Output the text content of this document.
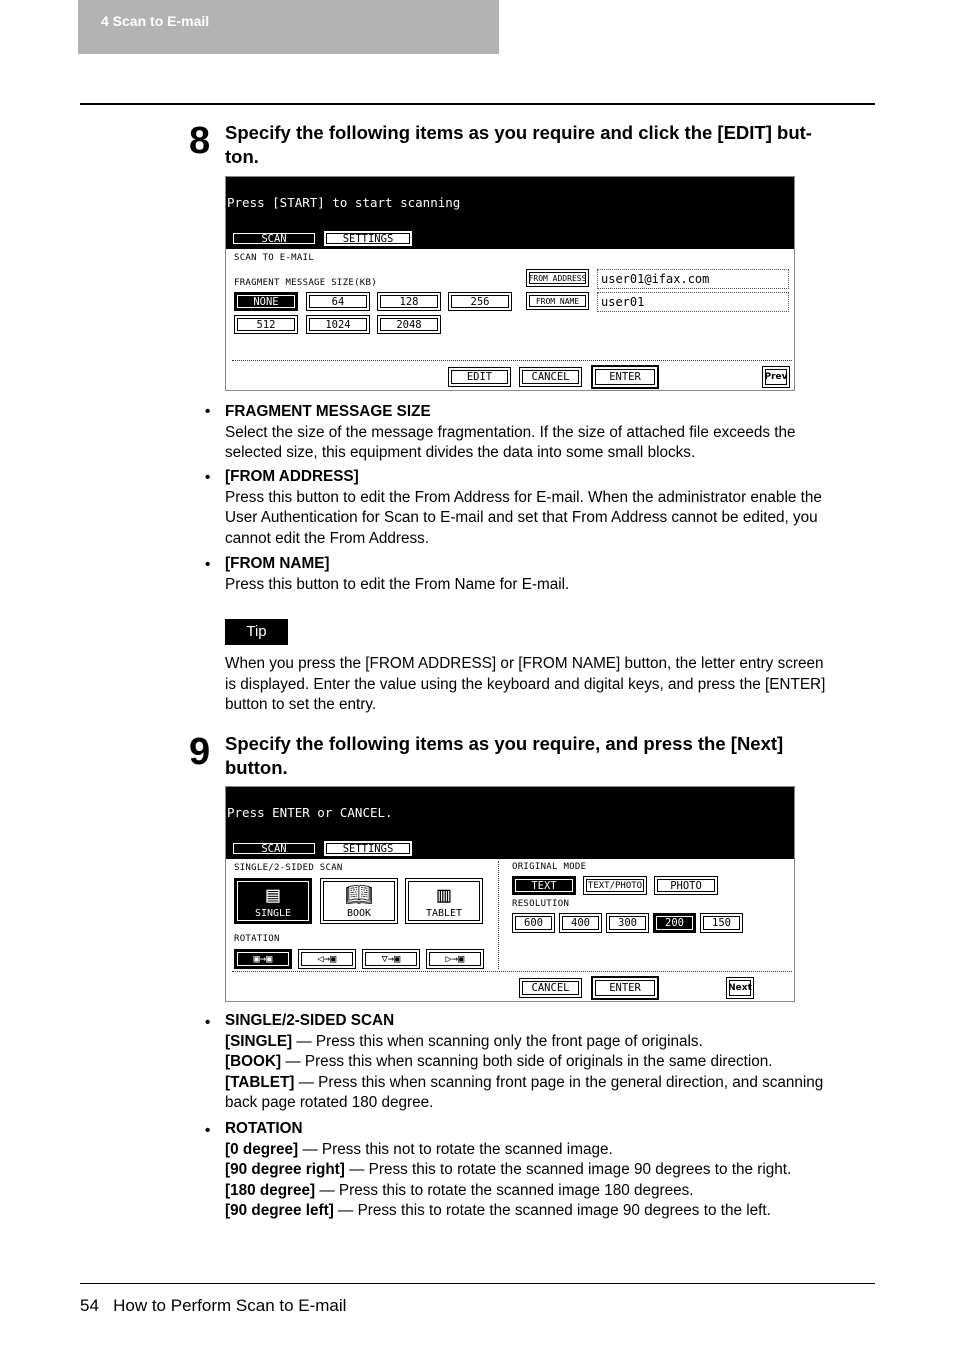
4 Scan to E-mail
8 Specify the following items as you require and click the [EDIT] but-
ton.
Press [START] to start scanning
SCAN	SETTINGS
SCAN TO E-MAIL
FRAGMENT MESSAGE SIZE(KB)
NONE	64	128	256
512	1024	2048
FROM ADDRESS	user01@ifax.com
FROM NAME	user01
EDIT	CANCEL	ENTER	Prev
• FRAGMENT MESSAGE SIZE
Select the size of the message fragmentation. If the size of attached file exceeds the
selected size, this equipment divides the data into some small blocks.
• [FROM ADDRESS]
Press this button to edit the From Address for E-mail. When the administrator enable the
User Authentication for Scan to E-mail and set that From Address cannot be edited, you
cannot edit the From Address.
• [FROM NAME]
Press this button to edit the From Name for E-mail.
Tip
When you press the [FROM ADDRESS] or [FROM NAME] button, the letter entry screen
is displayed. Enter the value using the keyboard and digital keys, and press the [ENTER]
button to set the entry.
9 Specify the following items as you require, and press the [Next]
button.
Press ENTER or CANCEL.
SCAN	SETTINGS
SINGLE/2-SIDED SCAN
▤
SINGLE
📖︎
BOOK
▥
TABLET
ROTATION
▣→▣	◁→▣	▽→▣	▷→▣
ORIGINAL MODE
TEXT	TEXT/PHOTO	PHOTO
RESOLUTION
600	400	300	200	150
CANCEL	ENTER	Next
• SINGLE/2-SIDED SCAN
[SINGLE] — Press this when scanning only the front page of originals.
[BOOK] — Press this when scanning both side of originals in the same direction.
[TABLET] — Press this when scanning front page in the general direction, and scanning
back page rotated 180 degree.
• ROTATION
[0 degree] — Press this not to rotate the scanned image.
[90 degree right] — Press this to rotate the scanned image 90 degrees to the right.
[180 degree] — Press this to rotate the scanned image 180 degrees.
[90 degree left] — Press this to rotate the scanned image 90 degrees to the left.
54 How to Perform Scan to E-mail
